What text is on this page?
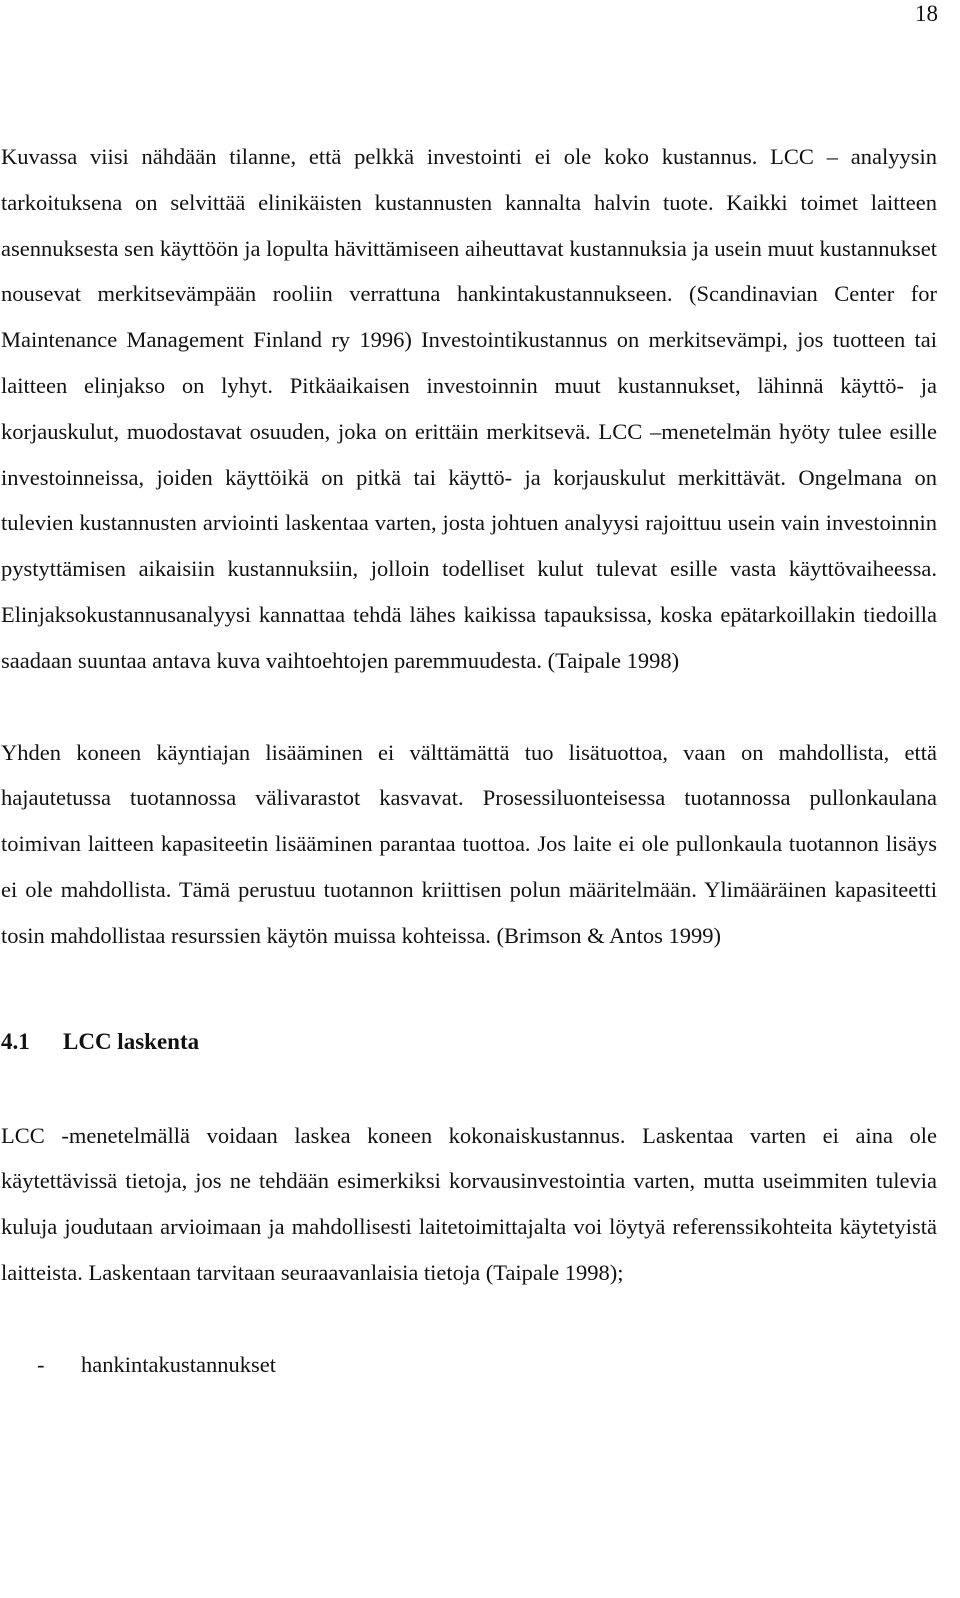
18

Kuvassa viisi nähdään tilanne, että pelkkä investointi ei ole koko kustannus. LCC – analyysin tarkoituksena on selvittää elinikäisten kustannusten kannalta halvin tuote. Kaikki toimet laitteen asennuksesta sen käyttöön ja lopulta hävittämiseen aiheuttavat kustannuksia ja usein muut kustannukset nousevat merkitsevämpään rooliin verrattuna hankintakustannukseen. (Scandinavian Center for Maintenance Management Finland ry 1996) Investointikustannus on merkitsevämpi, jos tuotteen tai laitteen elinjakso on lyhyt. Pitkäaikaisen investoinnin muut kustannukset, lähinnä käyttö- ja korjauskulut, muodostavat osuuden, joka on erittäin merkitsevä. LCC –menetelmän hyöty tulee esille investoinneissa, joiden käyttöikä on pitkä tai käyttö- ja korjauskulut merkittävät. Ongelmana on tulevien kustannusten arviointi laskentaa varten, josta johtuen analyysi rajoittuu usein vain investoinnin pystyttämisen aikaisiin kustannuksiin, jolloin todelliset kulut tulevat esille vasta käyttövaiheessa. Elinjaksokustannusanalyysi kannattaa tehdä lähes kaikissa tapauksissa, koska epätarkoillakin tiedoilla saadaan suuntaa antava kuva vaihtoehtojen paremmuudesta. (Taipale 1998)

Yhden koneen käyntiajan lisääminen ei välttämättä tuo lisätuottoa, vaan on mahdollista, että hajautetussa tuotannossa välivarastot kasvavat. Prosessiluonteisessa tuotannossa pullonkaulana toimivan laitteen kapasiteetin lisääminen parantaa tuottoa. Jos laite ei ole pullonkaula tuotannon lisäys ei ole mahdollista. Tämä perustuu tuotannon kriittisen polun määritelmään. Ylimääräinen kapasiteetti tosin mahdollistaa resurssien käytön muissa kohteissa. (Brimson & Antos 1999)

4.1	LCC laskenta

LCC -menetelmällä voidaan laskea koneen kokonaiskustannus. Laskentaa varten ei aina ole käytettävissä tietoja, jos ne tehdään esimerkiksi korvausinvestointia varten, mutta useimmiten tulevia kuluja joudutaan arvioimaan ja mahdollisesti laitetoimittajalta voi löytyä referenssikohteita käytetyistä laitteista. Laskentaan tarvitaan seuraavanlaisia tietoja (Taipale 1998);

-	hankintakustannukset
